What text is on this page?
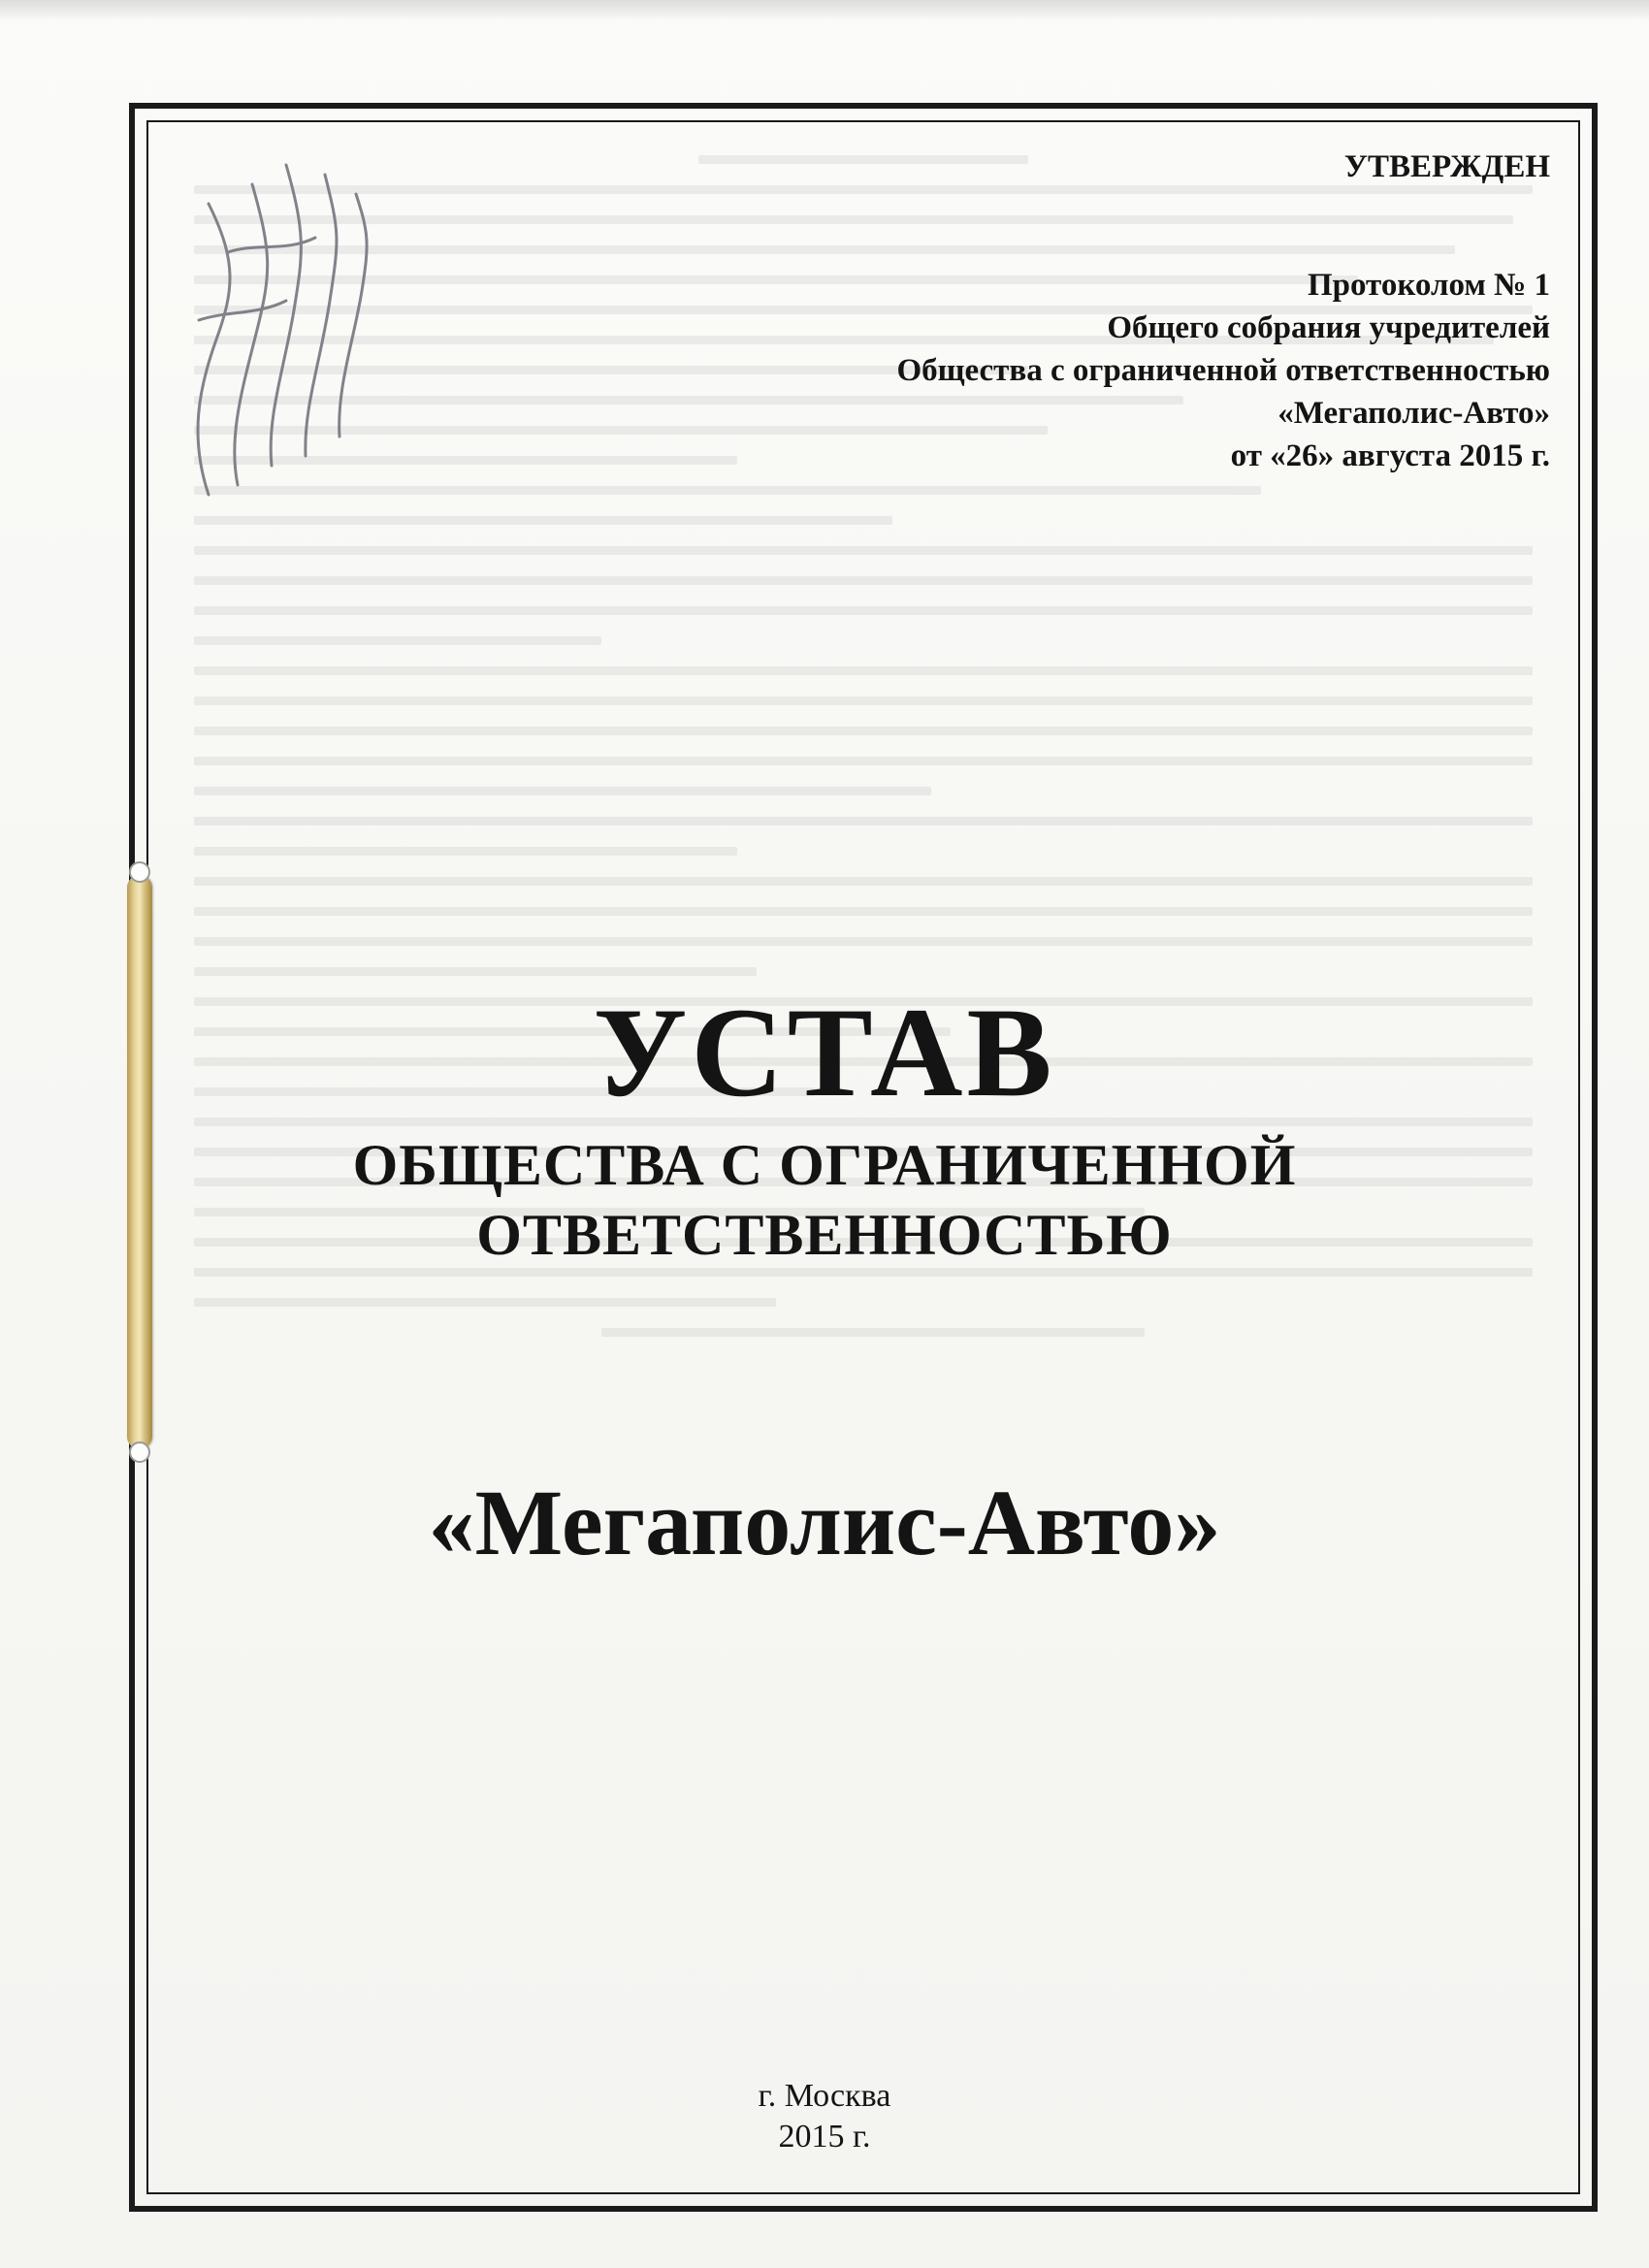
УТВЕРЖДЕН
Протоколом № 1
Общего собрания учредителей
Общества с ограниченной ответственностью
«Мегаполис-Авто»
от «26» августа 2015 г.
УСТАВ
ОБЩЕСТВА С ОГРАНИЧЕННОЙ
ОТВЕТСТВЕННОСТЬЮ
«Мегаполис-Авто»
г. Москва
2015 г.
